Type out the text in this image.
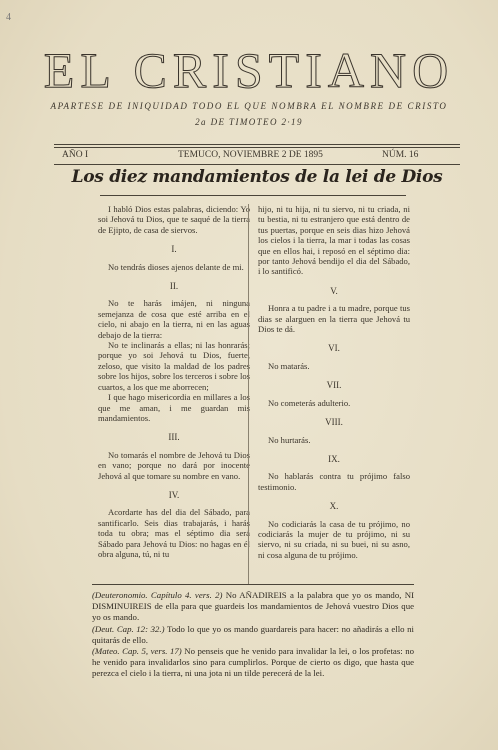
4
EL CRISTIANO
APARTESE DE INIQUIDAD TODO EL QUE NOMBRA EL NOMBRE DE CRISTO
2a DE TIMOTEO 2·19
AÑO I	TEMUCO, NOVIEMBRE 2 DE 1895	NÚM. 16
Los diez mandamientos de la lei de Dios

I habló Dios estas palabras, diciendo: Yo soi Jehová tu Dios, que te saqué de la tierra de Ejipto, de casa de siervos.

I.

No tendrás dioses ajenos delante de mi.

II.

No te harás imájen, ni ninguna semejanza de cosa que esté arriba en el cielo, ni abajo en la tierra, ni en las aguas debajo de la tierra:

No te inclinarás a ellas; ni las honrarás; porque yo soi Jehová tu Dios, fuerte, zeloso, que visito la maldad de los padres sobre los hijos, sobre los terceros i sobre los cuartos, a los que me aborrecen;

I que hago misericordia en millares a los que me aman, i me guardan mis mandamientos.

III.

No tomarás el nombre de Jehová tu Dios en vano; porque no dará por inocente Jehová al que tomare su nombre en vano.

IV.

Acordarte has del dia del Sábado, para santificarlo. Seis dias trabajarás, i harás toda tu obra; mas el séptimo dia será Sábado para Jehová tu Dios: no hagas en él obra alguna, tú, ni tu

hijo, ni tu hija, ni tu siervo, ni tu criada, ni tu bestia, ni tu estranjero que está dentro de tus puertas, porque en seis dias hizo Jehová los cielos i la tierra, la mar i todas las cosas que en ellos hai, i reposó en el séptimo dia: por tanto Jehová bendijo el dia del Sábado, i lo santificó.

V.

Honra a tu padre i a tu madre, porque tus dias se alarguen en la tierra que Jehová tu Dios te dá.

VI.

No matarás.

VII.

No cometerás adulterio.

VIII.

No hurtarás.

IX.

No hablarás contra tu prójimo falso testimonio.

X.

No codiciarás la casa de tu prójimo, no codiciarás la mujer de tu prójimo, ni su siervo, ni su criada, ni su buei, ni su asno, ni cosa alguna de tu prójimo.

(Deuteronomio. Capítulo 4. vers. 2) No AÑADIREIS a la palabra que yo os mando, NI DISMINUIREIS de ella para que guardeis los mandamientos de Jehová vuestro Dios que yo os mando.

(Deut. Cap. 12: 32.) Todo lo que yo os mando guardareis para hacer: no añadirás a ello ni quitarás de ello.

(Mateo. Cap. 5, vers. 17) No penseis que he venido para invalidar la lei, o los profetas: no he venido para invalidarlos sino para cumplirlos. Porque de cierto os digo, que hasta que perezca el cielo i la tierra, ni una jota ni un tilde perecerá de la lei.
